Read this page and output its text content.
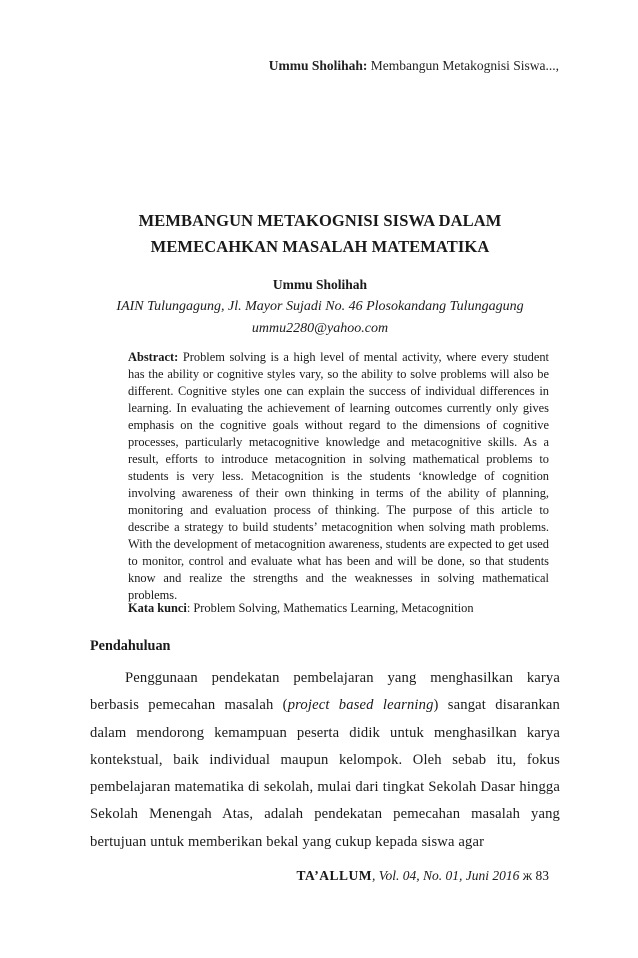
Ummu Sholihah: Membangun Metakognisi Siswa...,
MEMBANGUN METAKOGNISI SISWA DALAM
MEMECAHKAN MASALAH MATEMATIKA
Ummu Sholihah
IAIN Tulungagung, Jl. Mayor Sujadi No. 46 Plosokandang Tulungagung
ummu2280@yahoo.com
Abstract: Problem solving is a high level of mental activity, where every student has the ability or cognitive styles vary, so the ability to solve problems will also be different. Cognitive styles one can explain the success of individual differences in learning. In evaluating the achievement of learning outcomes currently only gives emphasis on the cognitive goals without regard to the dimensions of cognitive processes, particularly metacognitive knowledge and metacognitive skills. As a result, efforts to introduce metacognition in solving mathematical problems to students is very less. Metacognition is the students ‘knowledge of cognition involving awareness of their own thinking in terms of the ability of planning, monitoring and evaluation process of thinking. The purpose of this article to describe a strategy to build students’ metacognition when solving math problems. With the development of metacognition awareness, students are expected to get used to monitor, control and evaluate what has been and will be done, so that students know and realize the strengths and the weaknesses in solving mathematical problems.
Kata kunci: Problem Solving, Mathematics Learning, Metacognition
Pendahuluan
Penggunaan pendekatan pembelajaran yang menghasilkan karya berbasis pemecahan masalah (project based learning) sangat disarankan dalam mendorong kemampuan peserta didik untuk menghasilkan karya kontekstual, baik individual maupun kelompok. Oleh sebab itu, fokus pembelajaran matematika di sekolah, mulai dari tingkat Sekolah Dasar hingga Sekolah Menengah Atas, adalah pendekatan pemecahan masalah yang bertujuan untuk memberikan bekal yang cukup kepada siswa agar
TA’ALLUM, Vol. 04, No. 01, Juni 2016 ж 83
